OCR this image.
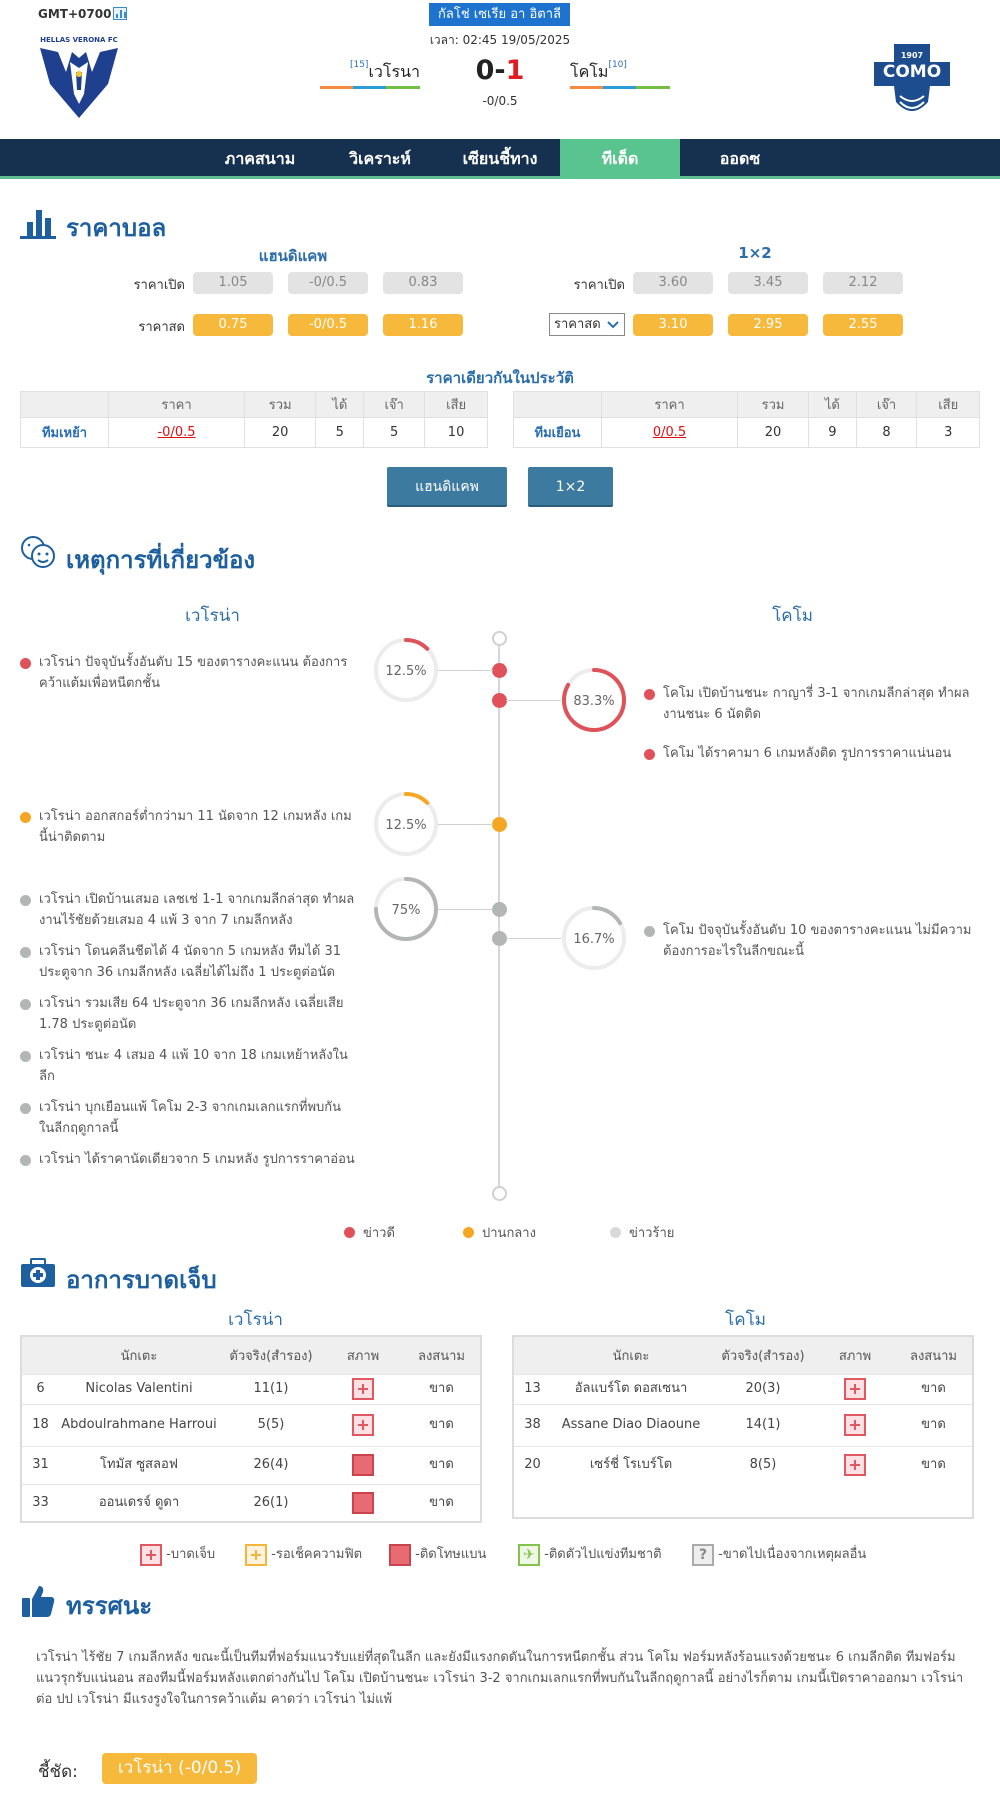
GMT+0700	กัลโช่ เซเรีย อา อิตาลี
เวลา: 02:45 19/05/2025
HELLAS VERONA FC
[15]เวโรนา	0-1
-0/0.5
โคโม[10]
1907
COMO
ภาคสนาม	วิเคราะห์	เซียนชี้ทาง	ทีเด็ด	ออดซ
ราคาบอล
แฮนดิแคพ	1×2
ราคาเปิด	1.05	-0/0.5	0.83
ราคาสด	0.75	-0/0.5	1.16
ราคาเปิด	3.60	3.45	2.12
ราคาสด	3.10	2.95	2.55
ราคาเดียวกันในประวัติ
	ราคา	รวม	ได้	เจ๊า	เสีย
ทีมเหย้า	-0/0.5	20	5	5	10
	ราคา	รวม	ได้	เจ๊า	เสีย
ทีมเยือน	0/0.5	20	9	8	3
แฮนดิแคพ	1×2
เหตุการที่เกี่ยวข้อง
เวโรน่า	โคโม
12.5%
83.3%
12.5%
75%
16.7%
เวโรน่า ปัจจุบันรั้งอันดับ 15 ของตารางคะแนน ต้องการคว้าแต้มเพื่อหนีตกชั้น
เวโรน่า ออกสกอร์ต่ำกว่ามา 11 นัดจาก 12 เกมหลัง เกมนี้น่าติดตาม
เวโรน่า เปิดบ้านเสมอ เลชเช่ 1-1 จากเกมลีกล่าสุด ทำผลงานไร้ชัยด้วยเสมอ 4 แพ้ 3 จาก 7 เกมลีกหลัง
เวโรน่า โดนคลีนชีตได้ 4 นัดจาก 5 เกมหลัง ทีมได้ 31 ประตูจาก 36 เกมลีกหลัง เฉลี่ยได้ไม่ถึง 1 ประตูต่อนัด
เวโรน่า รวมเสีย 64 ประตูจาก 36 เกมลีกหลัง เฉลี่ยเสีย 1.78 ประตูต่อนัด
เวโรน่า ชนะ 4 เสมอ 4 แพ้ 10 จาก 18 เกมเหย้าหลังในลีก
เวโรน่า บุกเยือนแพ้ โคโม 2-3 จากเกมเลกแรกที่พบกันในลีกฤดูกาลนี้
เวโรน่า ได้ราคานัดเดียวจาก 5 เกมหลัง รูปการราคาอ่อน
โคโม เปิดบ้านชนะ กาญารี่ 3-1 จากเกมลีกล่าสุด ทำผลงานชนะ 6 นัดติด
โคโม ได้ราคามา 6 เกมหลังติด รูปการราคาแน่นอน
โคโม ปัจจุบันรั้งอันดับ 10 ของตารางคะแนน ไม่มีความต้องการอะไรในลีกขณะนี้
ข่าวดี	ปานกลาง	ข่าวร้าย
อาการบาดเจ็บ
เวโรน่า	โคโม
	นักเตะ	ตัวจริง(สำรอง)	สภาพ	ลงสนาม
6	Nicolas Valentini	11(1)		ขาด
18	Abdoulrahmane Harroui	5(5)		ขาด
31	โทมัส ซูสลอฟ	26(4)		ขาด
33	ออนเดรจ์ ดูดา	26(1)		ขาด
	นักเตะ	ตัวจริง(สำรอง)	สภาพ	ลงสนาม
13	อัลแบร์โต ดอสเซนา	20(3)		ขาด
38	Assane Diao Diaoune	14(1)		ขาด
20	เซร์ชี่ โรเบร์โต	8(5)		ขาด
-บาดเจ็บ	-รอเช็คความฟิต	-ติดโทษแบน	✈ -ติดตัวไปแข่งทีมชาติ	? -ขาดไปเนื่องจากเหตุผลอื่น
ทรรศนะ
เวโรน่า ไร้ชัย 7 เกมลีกหลัง ขณะนี้เป็นทีมที่ฟอร์มแนวรับแย่ที่สุดในลีก และยังมีแรงกดดันในการหนีตกชั้น ส่วน โคโม ฟอร์มหลังร้อนแรงด้วยชนะ 6 เกมลีกติด ทีมฟอร์มแนวรุกรับแน่นอน สองทีมนี้ฟอร์มหลังแตกต่างกันไป โคโม เปิดบ้านชนะ เวโรน่า 3-2 จากเกมเลกแรกที่พบกันในลีกฤดูกาลนี้ อย่างไรก็ตาม เกมนี้เปิดราคาออกมา เวโรน่า ต่อ ปป เวโรน่า มีแรงรูงใจในการคว้าแต้ม คาดว่า เวโรน่า ไม่แพ้
ชี้ชัด:	เวโรน่า (-0/0.5)
